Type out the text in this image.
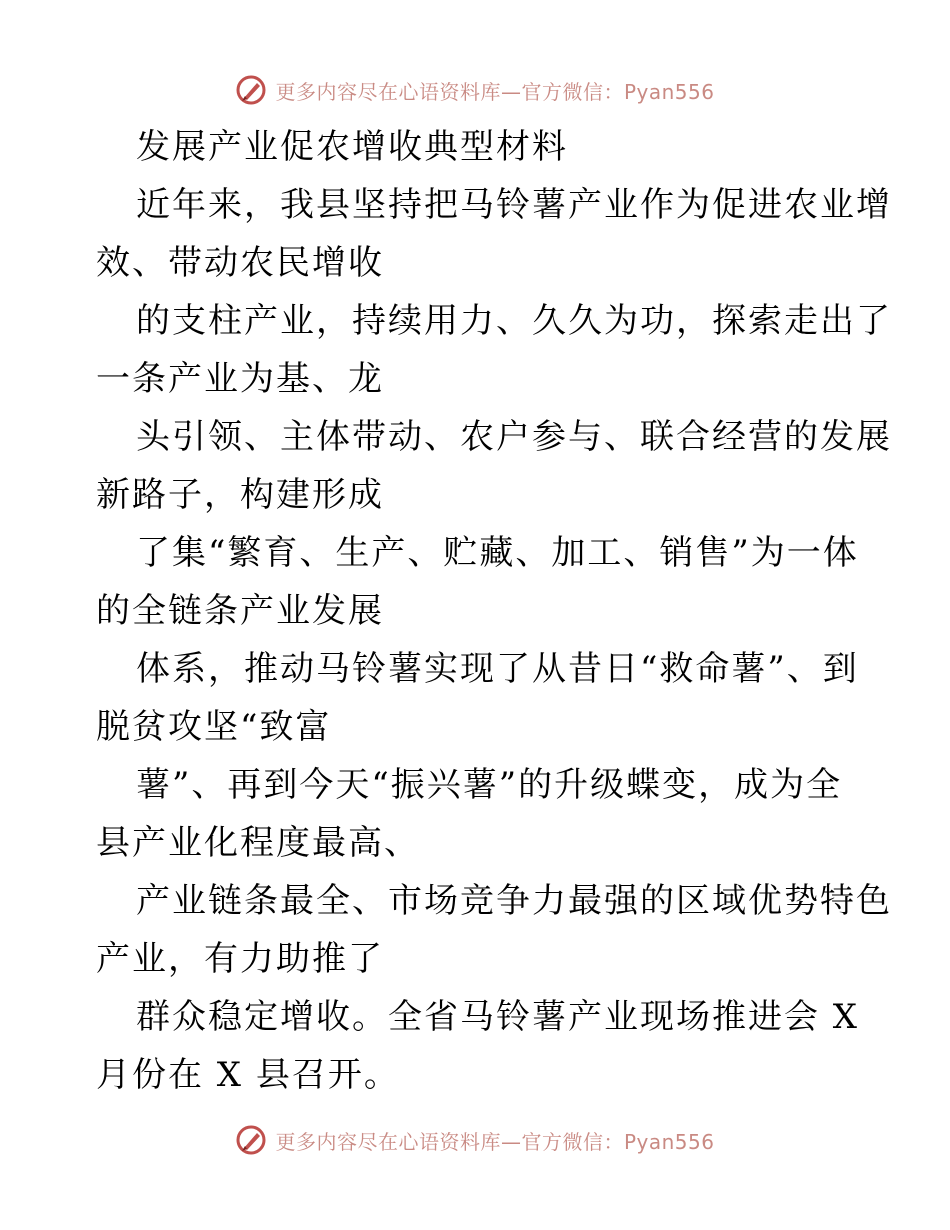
更多内容尽在心语资料库—官方微信：Pyan556
发展产业促农增收典型材料
近年来，我县坚持把马铃薯产业作为促进农业增
效、带动农民增收
的支柱产业，持续用力、久久为功，探索走出了
一条产业为基、龙
头引领、主体带动、农户参与、联合经营的发展
新路子，构建形成
了集“繁育、生产、贮藏、加工、销售”为一体
的全链条产业发展
体系，推动马铃薯实现了从昔日“救命薯”、到
脱贫攻坚“致富
薯”、再到今天“振兴薯”的升级蝶变，成为全
县产业化程度最高、
产业链条最全、市场竞争力最强的区域优势特色
产业，有力助推了
群众稳定增收。全省马铃薯产业现场推进会 X
月份在 X 县召开。
更多内容尽在心语资料库—官方微信：Pyan556
